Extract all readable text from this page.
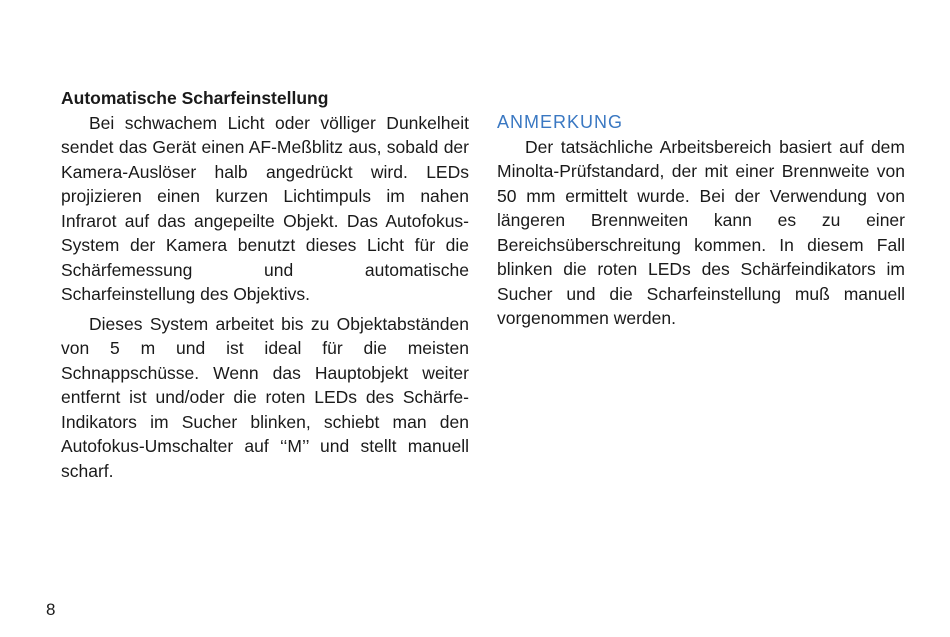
Automatische Scharfeinstellung

Bei schwachem Licht oder völliger Dunkelheit sendet das Gerät einen AF-Meßblitz aus, sobald der Kamera-Auslöser halb angedrückt wird. LEDs projizieren einen kurzen Lichtimpuls im nahen Infrarot auf das angepeilte Objekt. Das Autofokus-System der Kamera benutzt dieses Licht für die Schärfemessung und automatische Scharfeinstellung des Objektivs.

Dieses System arbeitet bis zu Objektabständen von 5 m und ist ideal für die meisten Schnappschüsse. Wenn das Hauptobjekt weiter entfernt ist und/oder die roten LEDs des Schärfe-Indikators im Sucher blinken, schiebt man den Autofokus-Umschalter auf ‘‘M’’ und stellt manuell scharf.

ANMERKUNG

Der tatsächliche Arbeitsbereich basiert auf dem Minolta-Prüfstandard, der mit einer Brennweite von 50 mm ermittelt wurde. Bei der Verwendung von längeren Brennweiten kann es zu einer Bereichsüberschreitung kommen. In diesem Fall blinken die roten LEDs des Schärfeindikators im Sucher und die Scharfeinstellung muß manuell vorgenommen werden.

8
